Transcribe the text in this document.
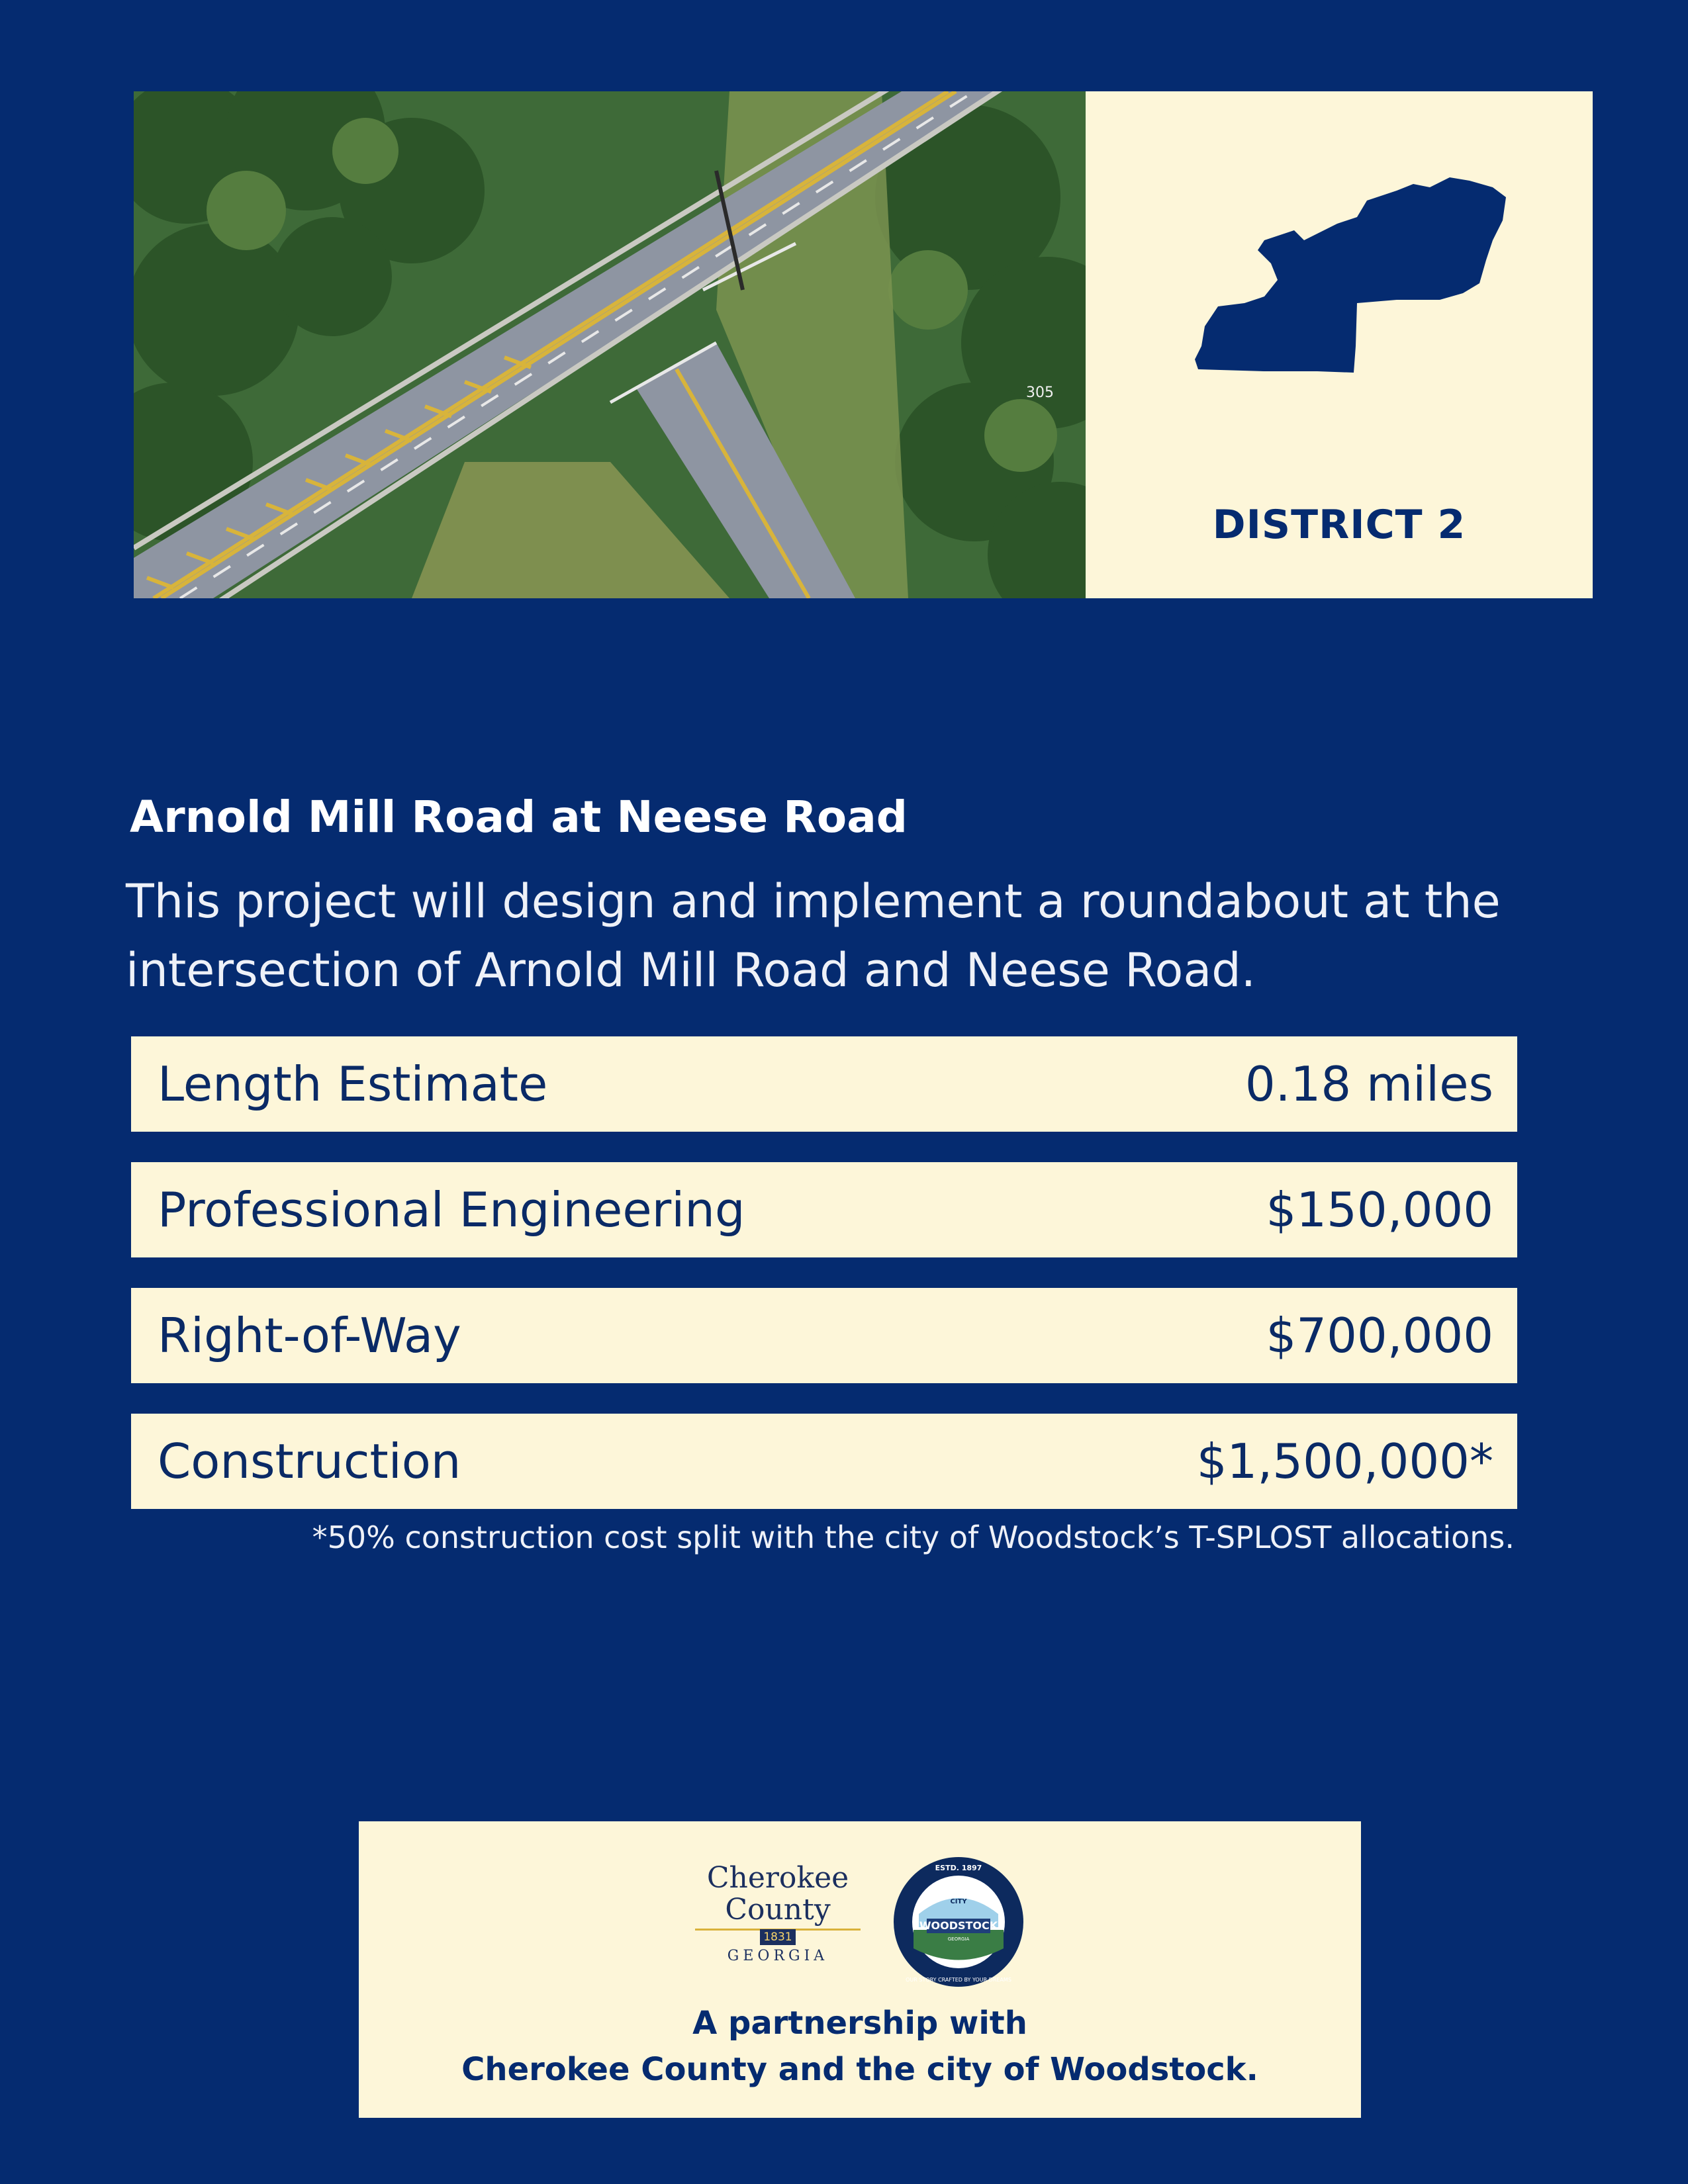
305
DISTRICT 2
Arnold Mill Road at Neese Road

This project will design and implement a roundabout at the intersection of Arnold Mill Road and Neese Road.

Length Estimate	0.18 miles
Professional Engineering	$150,000
Right-of-Way	$700,000
Construction	$1,500,000*

*50% construction cost split with the city of Woodstock’s T-SPLOST allocations.

Cherokee
County
1831
GEORGIA
WOODSTOCK
CITY
ESTD. 1897
GEORGIA
OUR STORY CRAFTED BY YOUR DREAMS

A partnership with
Cherokee County and the city of Woodstock.
